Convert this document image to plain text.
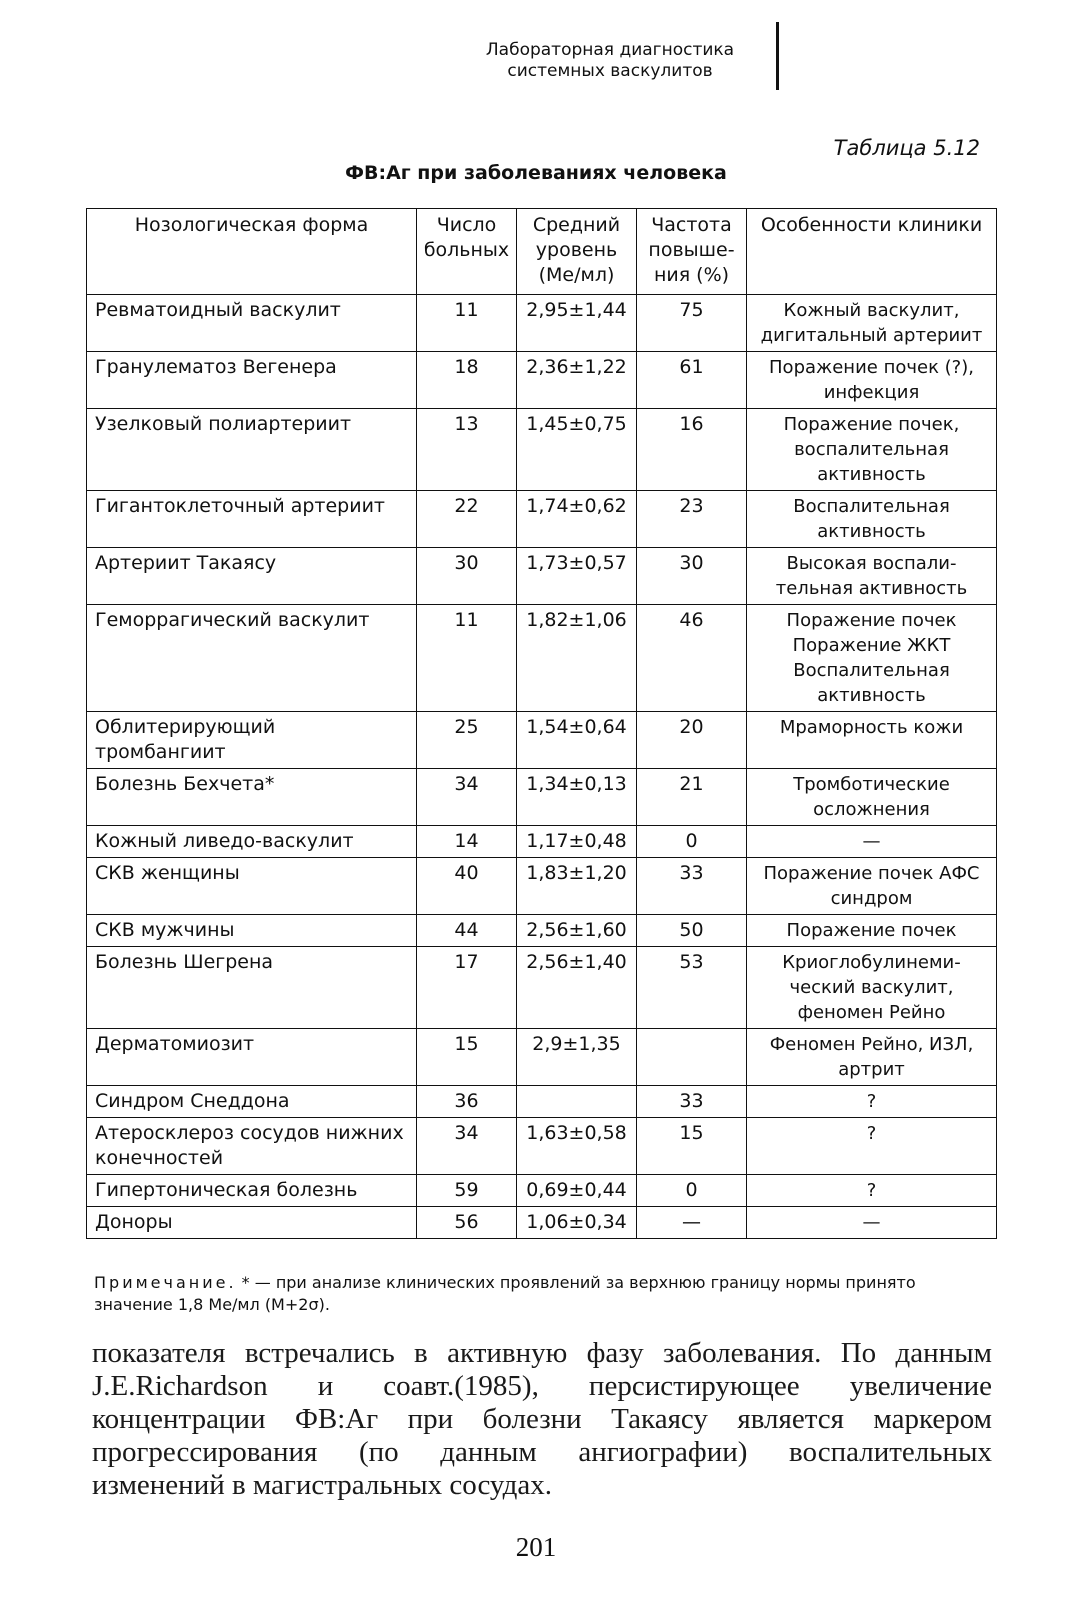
Лабораторная диагностика
системных васкулитов
Таблица 5.12
ФВ:Аг при заболеваниях человека
Нозологическая форма	Число больных	Средний уровень (Ме/мл)	Частота повыше-ния (%)	Особенности клиники
Ревматоидный васкулит	11	2,95±1,44	75	Кожный васкулит, дигитальный артериит
Гранулематоз Вегенера	18	2,36±1,22	61	Поражение почек (?), инфекция
Узелковый полиартериит	13	1,45±0,75	16	Поражение почек, воспалительная активность
Гигантоклеточный артериит	22	1,74±0,62	23	Воспалительная активность
Артериит Такаясу	30	1,73±0,57	30	Высокая воспали-тельная активность
Геморрагический васкулит	11	1,82±1,06	46	Поражение почек Поражение ЖКТ Воспалительная активность
Облитерирующий тромбангиит	25	1,54±0,64	20	Мраморность кожи
Болезнь Бехчета*	34	1,34±0,13	21	Тромботические осложнения
Кожный ливедо-васкулит	14	1,17±0,48	0	—
СКВ женщины	40	1,83±1,20	33	Поражение почек АФС синдром
СКВ мужчины	44	2,56±1,60	50	Поражение почек
Болезнь Шегрена	17	2,56±1,40	53	Криоглобулинеми-ческий васкулит, феномен Рейно
Дерматомиозит	15	2,9±1,35		Феномен Рейно, ИЗЛ, артрит
Синдром Снеддона	36		33	?
Атеросклероз сосудов нижних конечностей	34	1,63±0,58	15	?
Гипертоническая болезнь	59	0,69±0,44	0	?
Доноры	56	1,06±0,34	—	—
Примечание. * — при анализе клинических проявлений за верхнюю границу нормы принято значение 1,8 Ме/мл (М+2σ).
показателя встречались в активную фазу заболевания. По данным J.E.Richardson и соавт.(1985), персистирующее увеличение концентрации ФВ:Аг при болезни Такаясу является маркером прогрессирования (по данным ангиографии) воспалительных изменений в магистральных сосудах.
201
